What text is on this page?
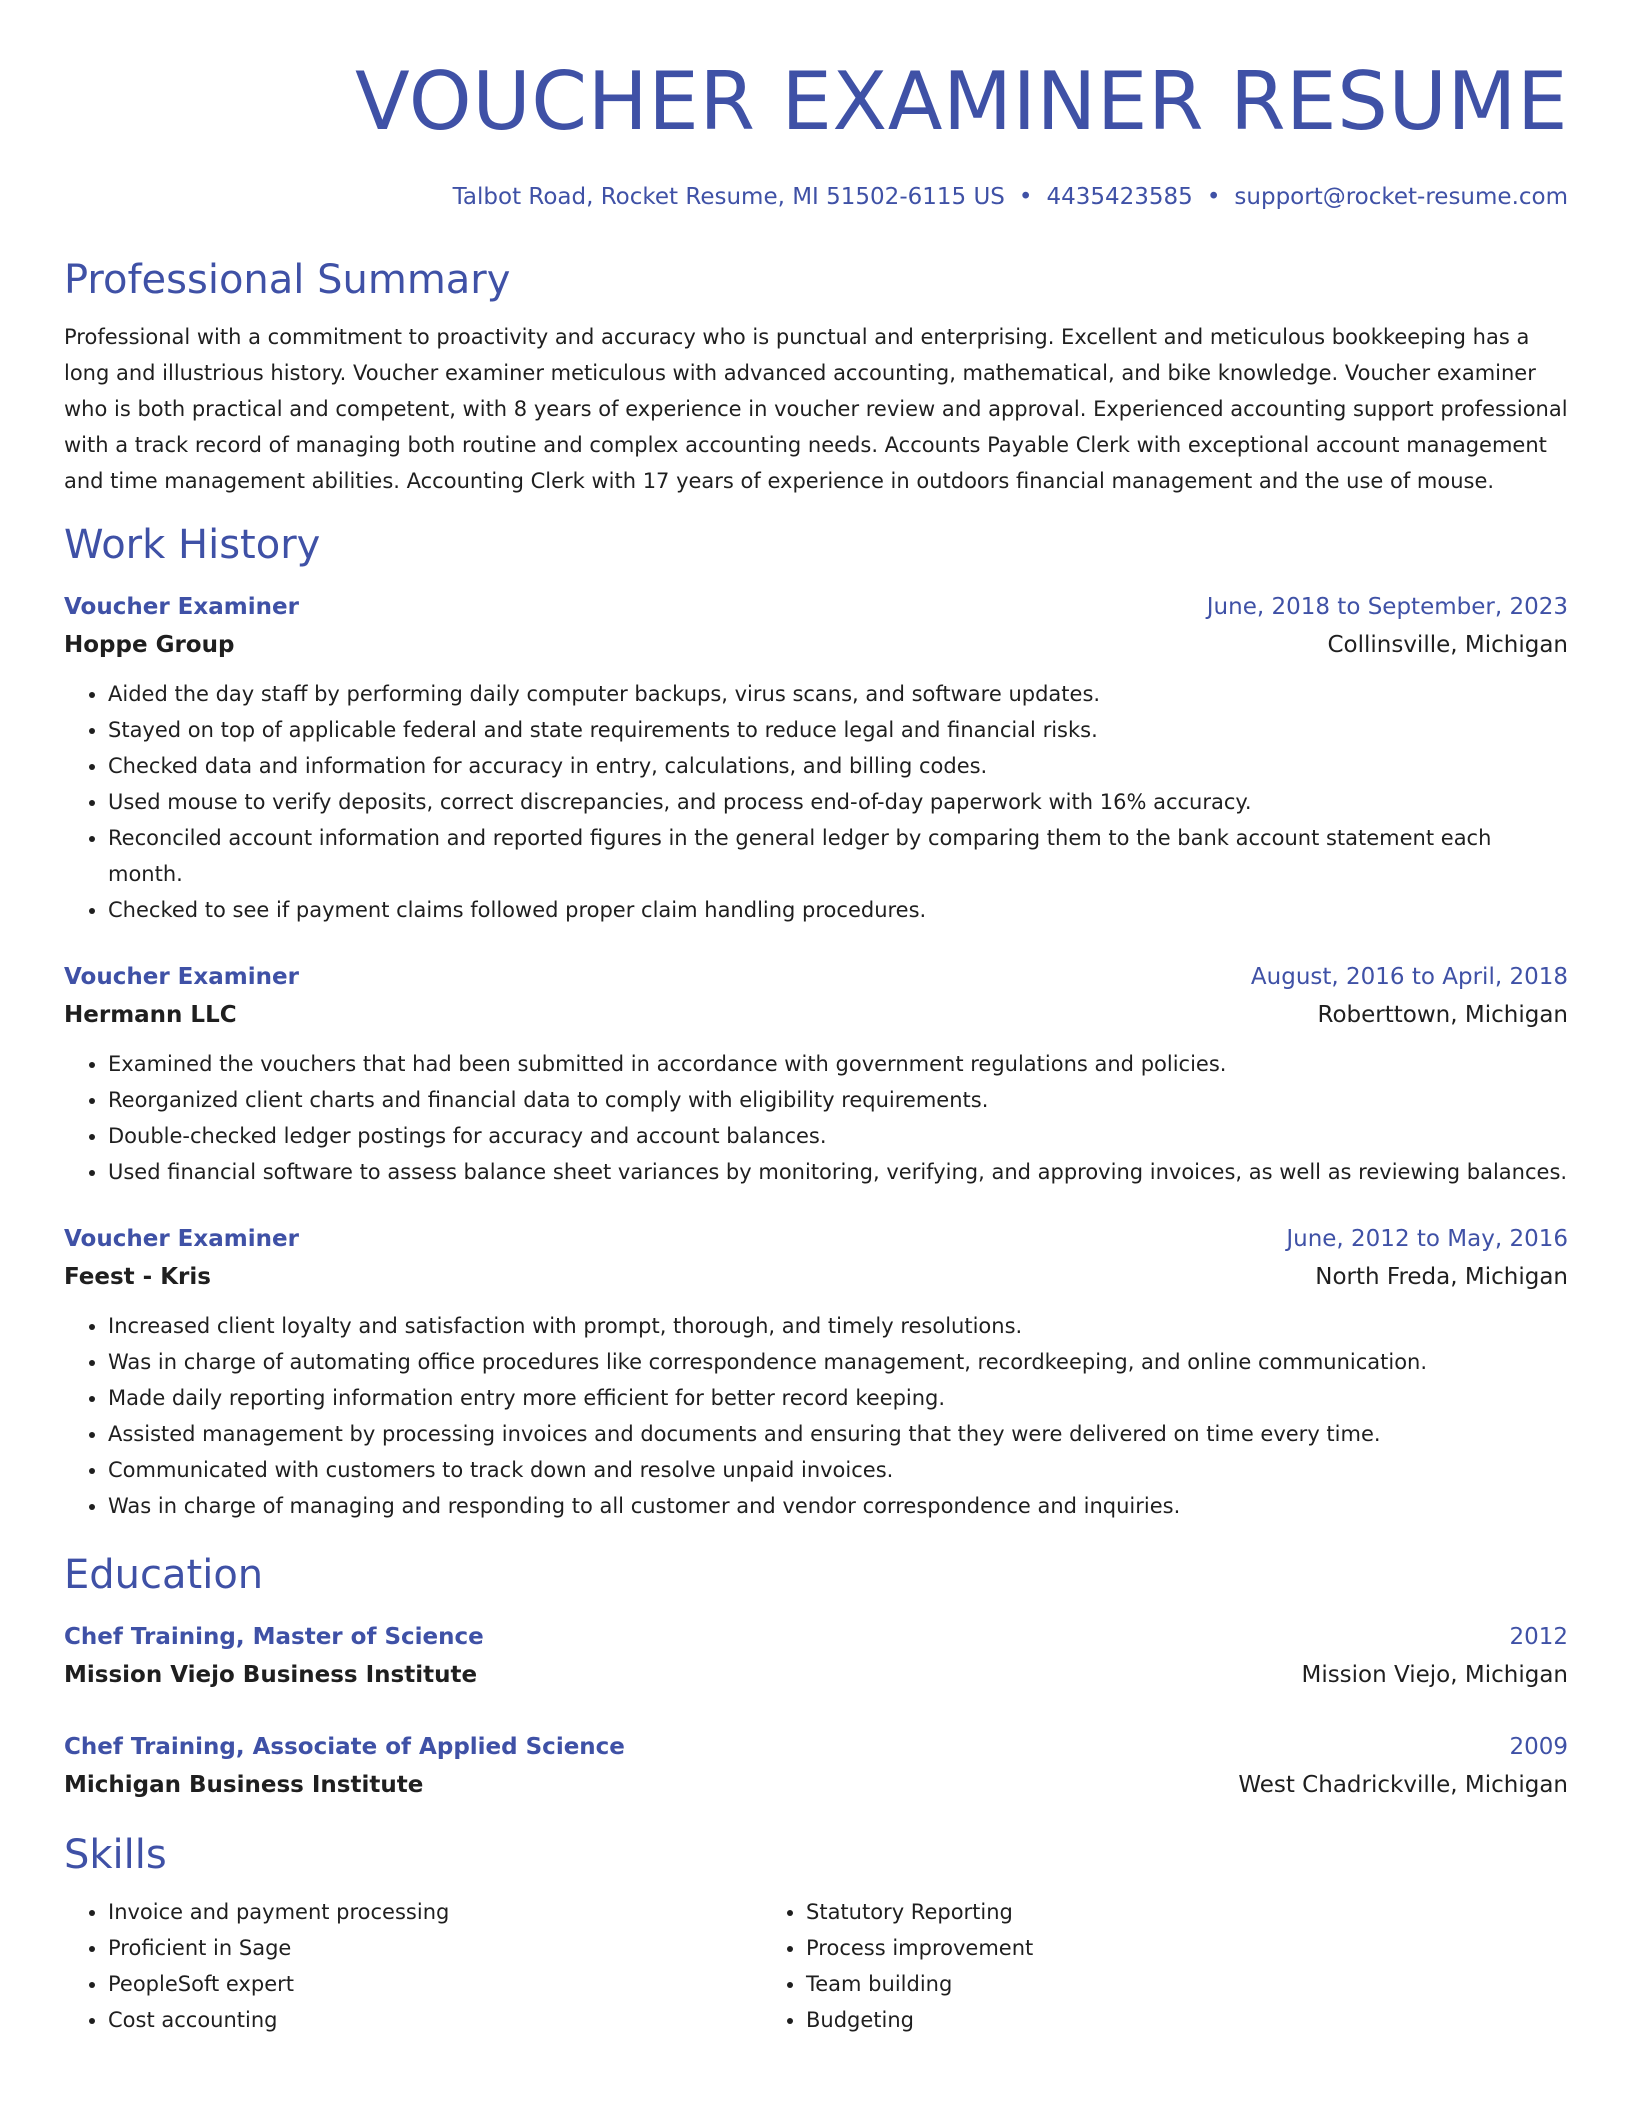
VOUCHER EXAMINER RESUME
Talbot Road, Rocket Resume, MI 51502-6115 US • 4435423585 • support@rocket-resume.com
Professional Summary
Professional with a commitment to proactivity and accuracy who is punctual and enterprising. Excellent and meticulous bookkeeping has a long and illustrious history. Voucher examiner meticulous with advanced accounting, mathematical, and bike knowledge. Voucher examiner who is both practical and competent, with 8 years of experience in voucher review and approval. Experienced accounting support professional with a track record of managing both routine and complex accounting needs. Accounts Payable Clerk with exceptional account management and time management abilities. Accounting Clerk with 17 years of experience in outdoors financial management and the use of mouse.
Work History
Voucher Examiner	June, 2018 to September, 2023
Hoppe Group	Collinsville, Michigan
• Aided the day staff by performing daily computer backups, virus scans, and software updates.
• Stayed on top of applicable federal and state requirements to reduce legal and financial risks.
• Checked data and information for accuracy in entry, calculations, and billing codes.
• Used mouse to verify deposits, correct discrepancies, and process end-of-day paperwork with 16% accuracy.
• Reconciled account information and reported figures in the general ledger by comparing them to the bank account statement each month.
• Checked to see if payment claims followed proper claim handling procedures.
Voucher Examiner	August, 2016 to April, 2018
Hermann LLC	Roberttown, Michigan
• Examined the vouchers that had been submitted in accordance with government regulations and policies.
• Reorganized client charts and financial data to comply with eligibility requirements.
• Double-checked ledger postings for accuracy and account balances.
• Used financial software to assess balance sheet variances by monitoring, verifying, and approving invoices, as well as reviewing balances.
Voucher Examiner	June, 2012 to May, 2016
Feest - Kris	North Freda, Michigan
• Increased client loyalty and satisfaction with prompt, thorough, and timely resolutions.
• Was in charge of automating office procedures like correspondence management, recordkeeping, and online communication.
• Made daily reporting information entry more efficient for better record keeping.
• Assisted management by processing invoices and documents and ensuring that they were delivered on time every time.
• Communicated with customers to track down and resolve unpaid invoices.
• Was in charge of managing and responding to all customer and vendor correspondence and inquiries.
Education
Chef Training, Master of Science	2012
Mission Viejo Business Institute	Mission Viejo, Michigan
Chef Training, Associate of Applied Science	2009
Michigan Business Institute	West Chadrickville, Michigan
Skills
• Invoice and payment processing
• Proficient in Sage
• PeopleSoft expert
• Cost accounting
• Statutory Reporting
• Process improvement
• Team building
• Budgeting
